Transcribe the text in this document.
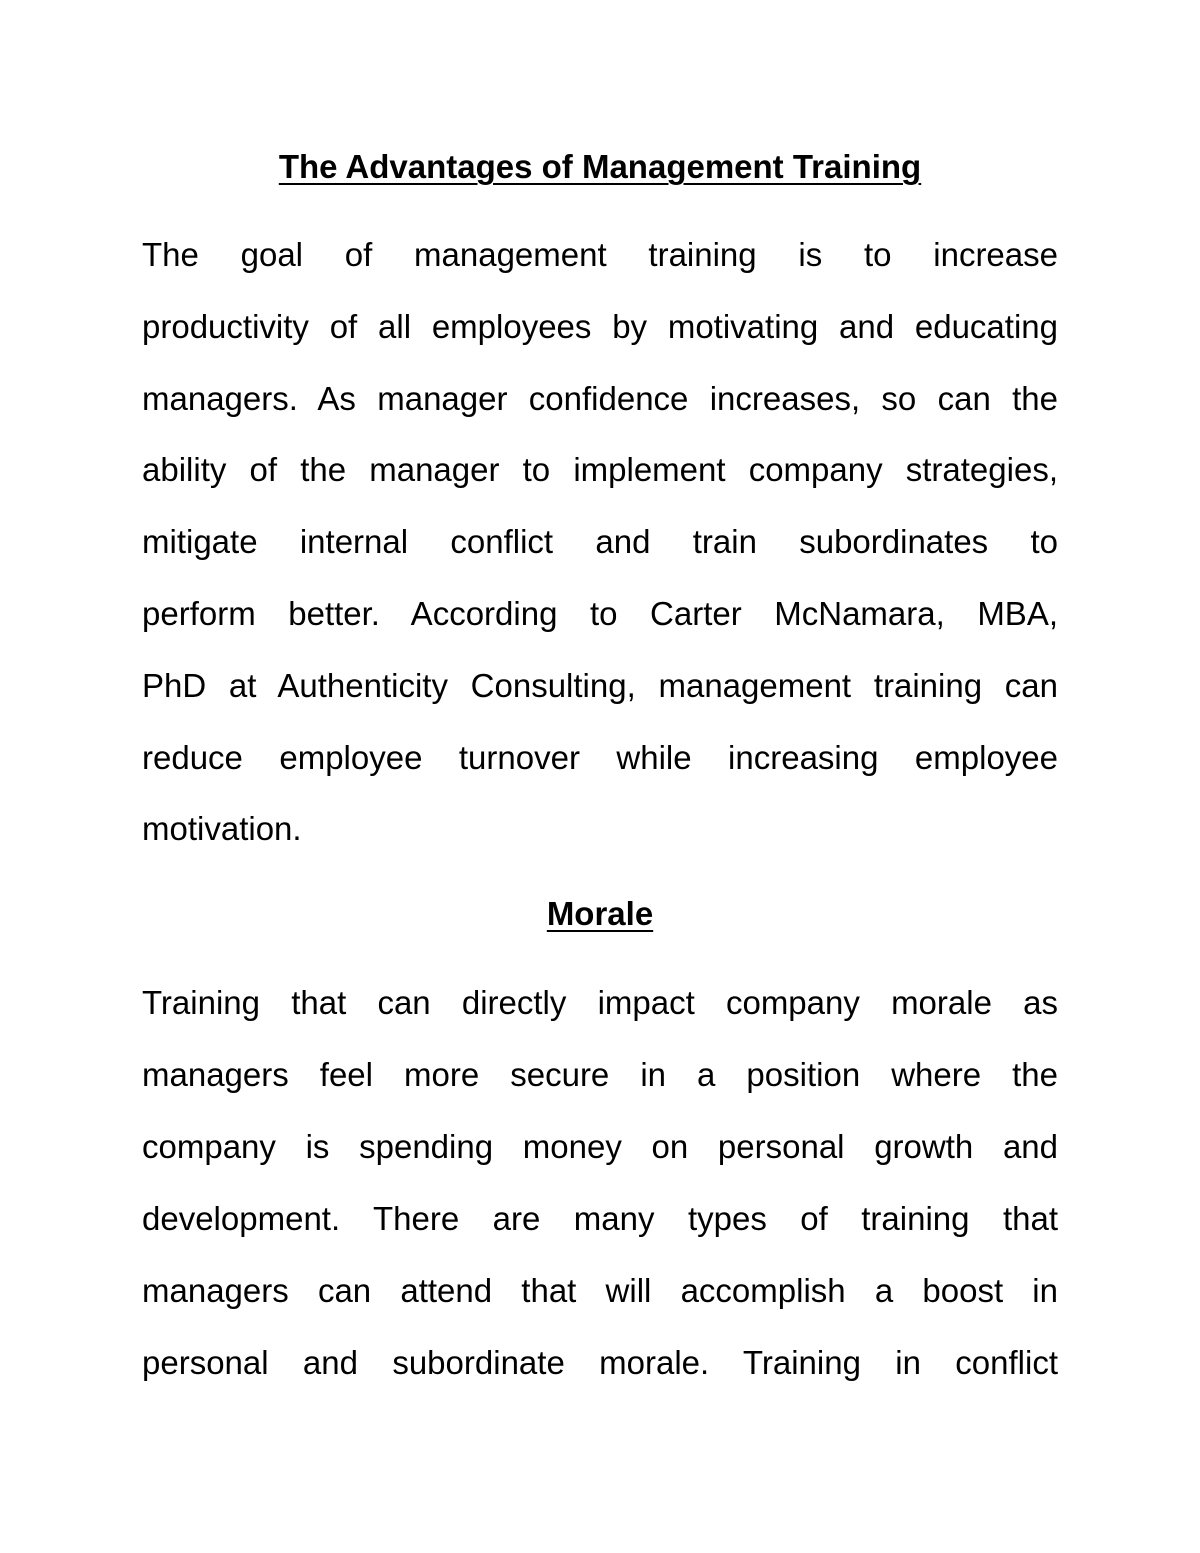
The Advantages of Management Training

The goal of management training is to increase

productivity of all employees by motivating and educating

managers. As manager confidence increases, so can the

ability of the manager to implement company strategies,

mitigate internal conflict and train subordinates to

perform better. According to Carter McNamara, MBA,

PhD at Authenticity Consulting, management training can

reduce employee turnover while increasing employee

motivation.

Morale

Training that can directly impact company morale as

managers feel more secure in a position where the

company is spending money on personal growth and

development. There are many types of training that

managers can attend that will accomplish a boost in

personal and subordinate morale. Training in conflict
